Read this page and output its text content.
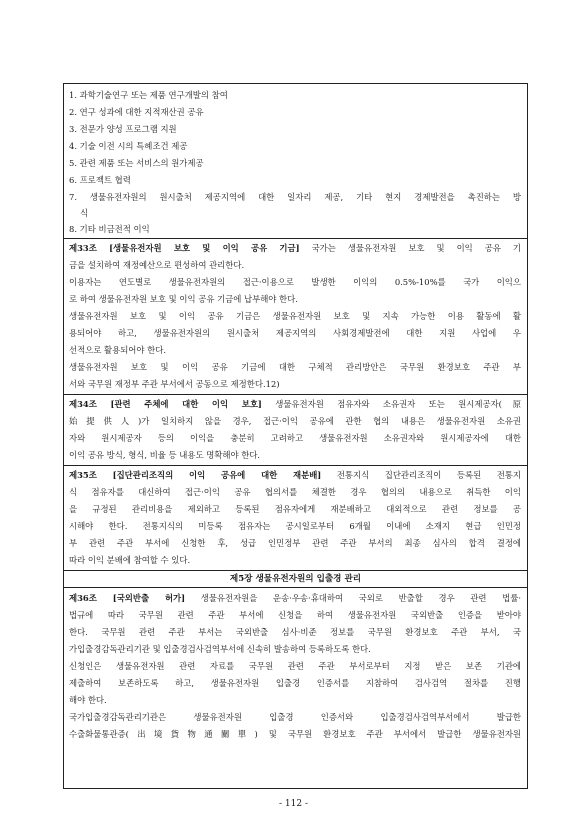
1. 과학기술연구 또는 제품 연구개발의 참여
2. 연구 성과에 대한 지적재산권 공유
3. 전문가 양성 프로그램 지원
4. 기술 이전 시의 특혜조건 제공
5. 관련 제품 또는 서비스의 원가제공
6. 프로젝트 협력
7. 생물유전자원의 원시출처 제공지역에 대한 일자리 제공, 기타 현지 경제발전을 촉진하는 방
식
8. 기타 비금전적 이익
제33조 [생물유전자원 보호 및 이익 공유 기금] 국가는 생물유전자원 보호 및 이익 공유 기
금을 설치하여 재정예산으로 편성하여 관리한다.
이용자는 연도별로 생물유전자원의 접근·이용으로 발생한 이익의 0.5%-10%를 국가 이익으
로 하여 생물유전자원 보호 및 이익 공유 기금에 납부해야 한다.
생물유전자원 보호 및 이익 공유 기금은 생물유전자원 보호 및 지속 가능한 이용 활동에 활
용되어야 하고, 생물유전자원의 원시출처 제공지역의 사회경제발전에 대한 지원 사업에 우
선적으로 활용되어야 한다.
생물유전자원 보호 및 이익 공유 기금에 대한 구체적 관리방안은 국무원 환경보호 주관 부
서와 국무원 재정부 주관 부서에서 공동으로 제정한다.12)
제34조 [관련 주체에 대한 이익 보호] 생물유전자원 점유자와 소유권자 또는 원시제공자(原
始提供人)가 일치하지 않을 경우, 접근·이익 공유에 관한 협의 내용은 생물유전자원 소유권
자와 원시제공자 등의 이익을 충분히 고려하고 생물유전자원 소유권자와 원시제공자에 대한
이익 공유 방식, 형식, 비율 등 내용도 명확해야 한다.
제35조 [집단관리조직의 이익 공유에 대한 재분배] 전통지식 집단관리조직이 등록된 전통지
식 점유자를 대신하여 접근·이익 공유 협의서를 체결한 경우 협의의 내용으로 취득한 이익
을 규정된 관리비용을 제외하고 등록된 점유자에게 재분배하고 대외적으로 관련 정보를 공
시해야 한다. 전통지식의 미등록 점유자는 공시일로부터 6개월 이내에 소재지 현급 인민정
부 관련 주관 부서에 신청한 후, 성급 인민정부 관련 주관 부서의 최종 심사의 합격 결정에
따라 이익 분배에 참여할 수 있다.
제5장 생물유전자원의 입출경 관리
제36조 [국외반출 허가] 생물유전자원을 운송·우송·휴대하여 국외로 반출할 경우 관련 법률·
법규에 따라 국무원 관련 주관 부서에 신청을 하여 생물유전자원 국외반출 인증을 받아야
한다. 국무원 관련 주관 부서는 국외반출 심사·비준 정보를 국무원 환경보호 주관 부서, 국
가입출경감독관리기관 및 입출경검사검역부서에 신속히 발송하여 등록하도록 한다.
신청인은 생물유전자원 관련 자료를 국무원 관련 주관 부서로부터 지정 받은 보존 기관에
제출하여 보존하도록 하고, 생물유전자원 입출경 인증서를 지참하여 검사검역 절차를 진행
해야 한다.
국가입출경감독관리기관은 생물유전자원 입출경 인증서와 입출경검사검역부서에서 발급한
수출화물통관증(出境貨物通關單) 및 국무원 환경보호 주관 부서에서 발급한 생물유전자원
- 112 -
